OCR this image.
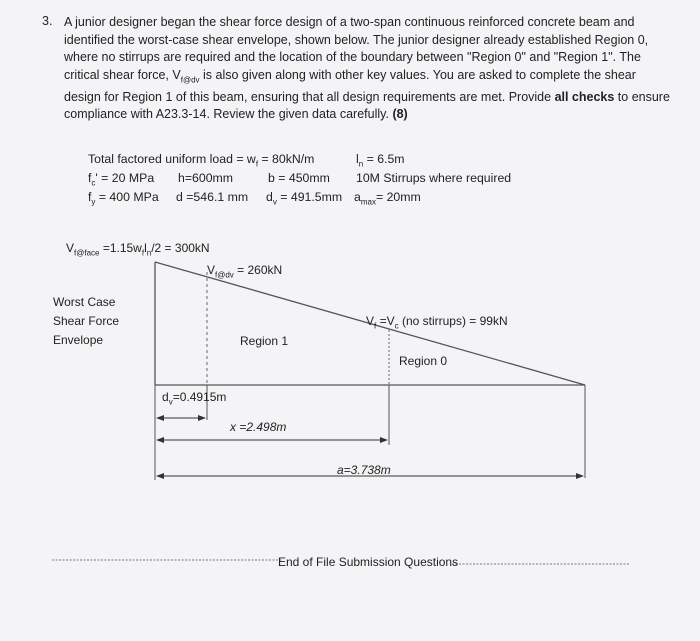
3. A junior designer began the shear force design of a two-span continuous reinforced concrete beam and
identified the worst-case shear envelope, shown below. The junior designer already established Region 0,
where no stirrups are required and the location of the boundary between "Region 0" and "Region 1". The
critical shear force, $V_{f@dv}$ is also given along with other key values. You are asked to complete the shear
design for Region 1 of this beam, ensuring that all design requirements are met. Provide all checks to ensure
compliance with A23.3-14. Review the given data carefully. (8)
Total factored uniform load = $w_f = 80kN/m$	$l_n = 6.5m$
$f_c' = 20$ MPa h=600mm	b = 450mm 10M Stirrups where required
$f_y = 400$ MPa d =546.1 mm $d_v = 491.5mm$ $a_{max}= 20mm$
$V_{f@face} =1.15w_fl_n/2 = 300kN$
$V_{f@dv} = 260kN$
Worst Case
Shear Force
Envelope
$V_f =V_c$ (no stirrups) = 99kN
Region 1
Region 0
$d_v=0.4915m$
x =2.498m
a=3.738m
End of File Submission Questions
